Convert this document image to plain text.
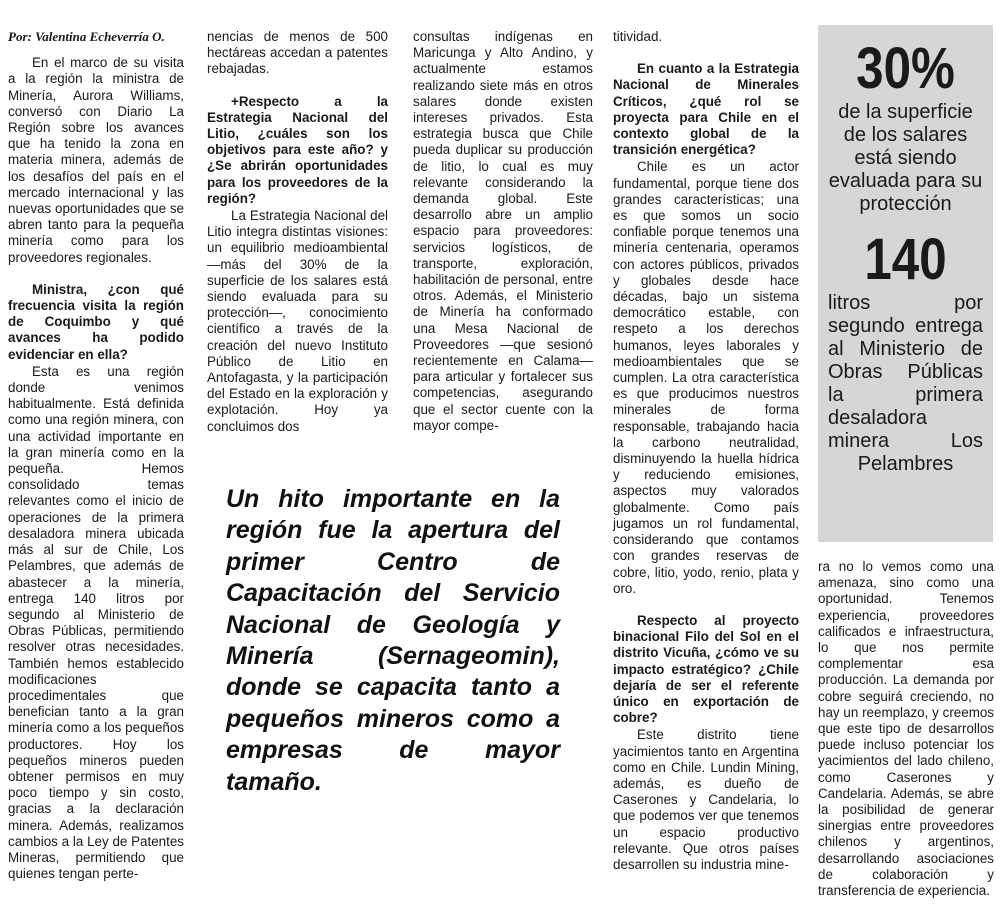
Por: Valentina Echeverría O.

En el marco de su visita a la región la ministra de Minería, Aurora Williams, conversó con Diario La Región sobre los avances que ha tenido la zona en materia minera, además de los desafíos del país en el mercado internacional y las nuevas oportunidades que se abren tanto para la pequeña minería como para los proveedores regionales.

Ministra, ¿con qué frecuencia visita la región de Coquimbo y qué avances ha podido evidenciar en ella?

Esta es una región donde venimos habitualmente. Está definida como una región minera, con una actividad importante en la gran minería como en la pequeña. Hemos consolidado temas relevantes como el inicio de operaciones de la primera desaladora minera ubicada más al sur de Chile, Los Pelambres, que además de abastecer a la minería, entrega 140 litros por segundo al Ministerio de Obras Públicas, permitiendo resolver otras necesidades. También hemos establecido modificaciones procedimentales que benefician tanto a la gran minería como a los pequeños productores. Hoy los pequeños mineros pueden obtener permisos en muy poco tiempo y sin costo, gracias a la declaración minera. Además, realizamos cambios a la Ley de Patentes Mineras, permitiendo que quienes tengan perte-

nencias de menos de 500 hectáreas accedan a patentes rebajadas.

+Respecto a la Estrategia Nacional del Litio, ¿cuáles son los objetivos para este año? y ¿Se abrirán oportunidades para los proveedores de la región?

La Estrategia Nacional del Litio integra distintas visiones: un equilibrio medioambiental —más del 30% de la superficie de los salares está siendo evaluada para su protección—, conocimiento científico a través de la creación del nuevo Instituto Público de Litio en Antofagasta, y la participación del Estado en la exploración y explotación. Hoy ya concluimos dos

consultas indígenas en Maricunga y Alto Andino, y actualmente estamos realizando siete más en otros salares donde existen intereses privados. Esta estrategia busca que Chile pueda duplicar su producción de litio, lo cual es muy relevante considerando la demanda global. Este desarrollo abre un amplio espacio para proveedores: servicios logísticos, de transporte, exploración, habilitación de personal, entre otros. Además, el Ministerio de Minería ha conformado una Mesa Nacional de Proveedores —que sesionó recientemente en Calama— para articular y fortalecer sus competencias, asegurando que el sector cuente con la mayor compe-

titividad.

En cuanto a la Estrategia Nacional de Minerales Críticos, ¿qué rol se proyecta para Chile en el contexto global de la transición energética?

Chile es un actor fundamental, porque tiene dos grandes características; una es que somos un socio confiable porque tenemos una minería centenaria, operamos con actores públicos, privados y globales desde hace décadas, bajo un sistema democrático estable, con respeto a los derechos humanos, leyes laborales y medioambientales que se cumplen. La otra característica es que producimos nuestros minerales de forma responsable, trabajando hacia la carbono neutralidad, disminuyendo la huella hídrica y reduciendo emisiones, aspectos muy valorados globalmente. Como país jugamos un rol fundamental, considerando que contamos con grandes reservas de cobre, litio, yodo, renio, plata y oro.

Respecto al proyecto binacional Filo del Sol en el distrito Vicuña, ¿cómo ve su impacto estratégico? ¿Chile dejaría de ser el referente único en exportación de cobre?

Este distrito tiene yacimientos tanto en Argentina como en Chile. Lundin Mining, además, es dueño de Caserones y Candelaria, lo que podemos ver que tenemos un espacio productivo relevante. Que otros países desarrollen su industria mine-

ra no lo vemos como una amenaza, sino como una oportunidad. Tenemos experiencia, proveedores calificados e infraestructura, lo que nos permite complementar esa producción. La demanda por cobre seguirá creciendo, no hay un reemplazo, y creemos que este tipo de desarrollos puede incluso potenciar los yacimientos del lado chileno, como Caserones y Candelaria. Además, se abre la posibilidad de generar sinergias entre proveedores chilenos y argentinos, desarrollando asociaciones de colaboración y transferencia de experiencia.

30%
de la superficie de los salares está siendo evaluada para su protección
140
litros por segundo entrega al Ministerio de Obras Públicas la primera desaladora minera Los Pelambres
Un hito importante en la región fue la apertura del primer Centro de Capacitación del Servicio Nacional de Geología y Minería (Sernageomin), donde se capacita tanto a pequeños mineros como a empresas de mayor tamaño.
